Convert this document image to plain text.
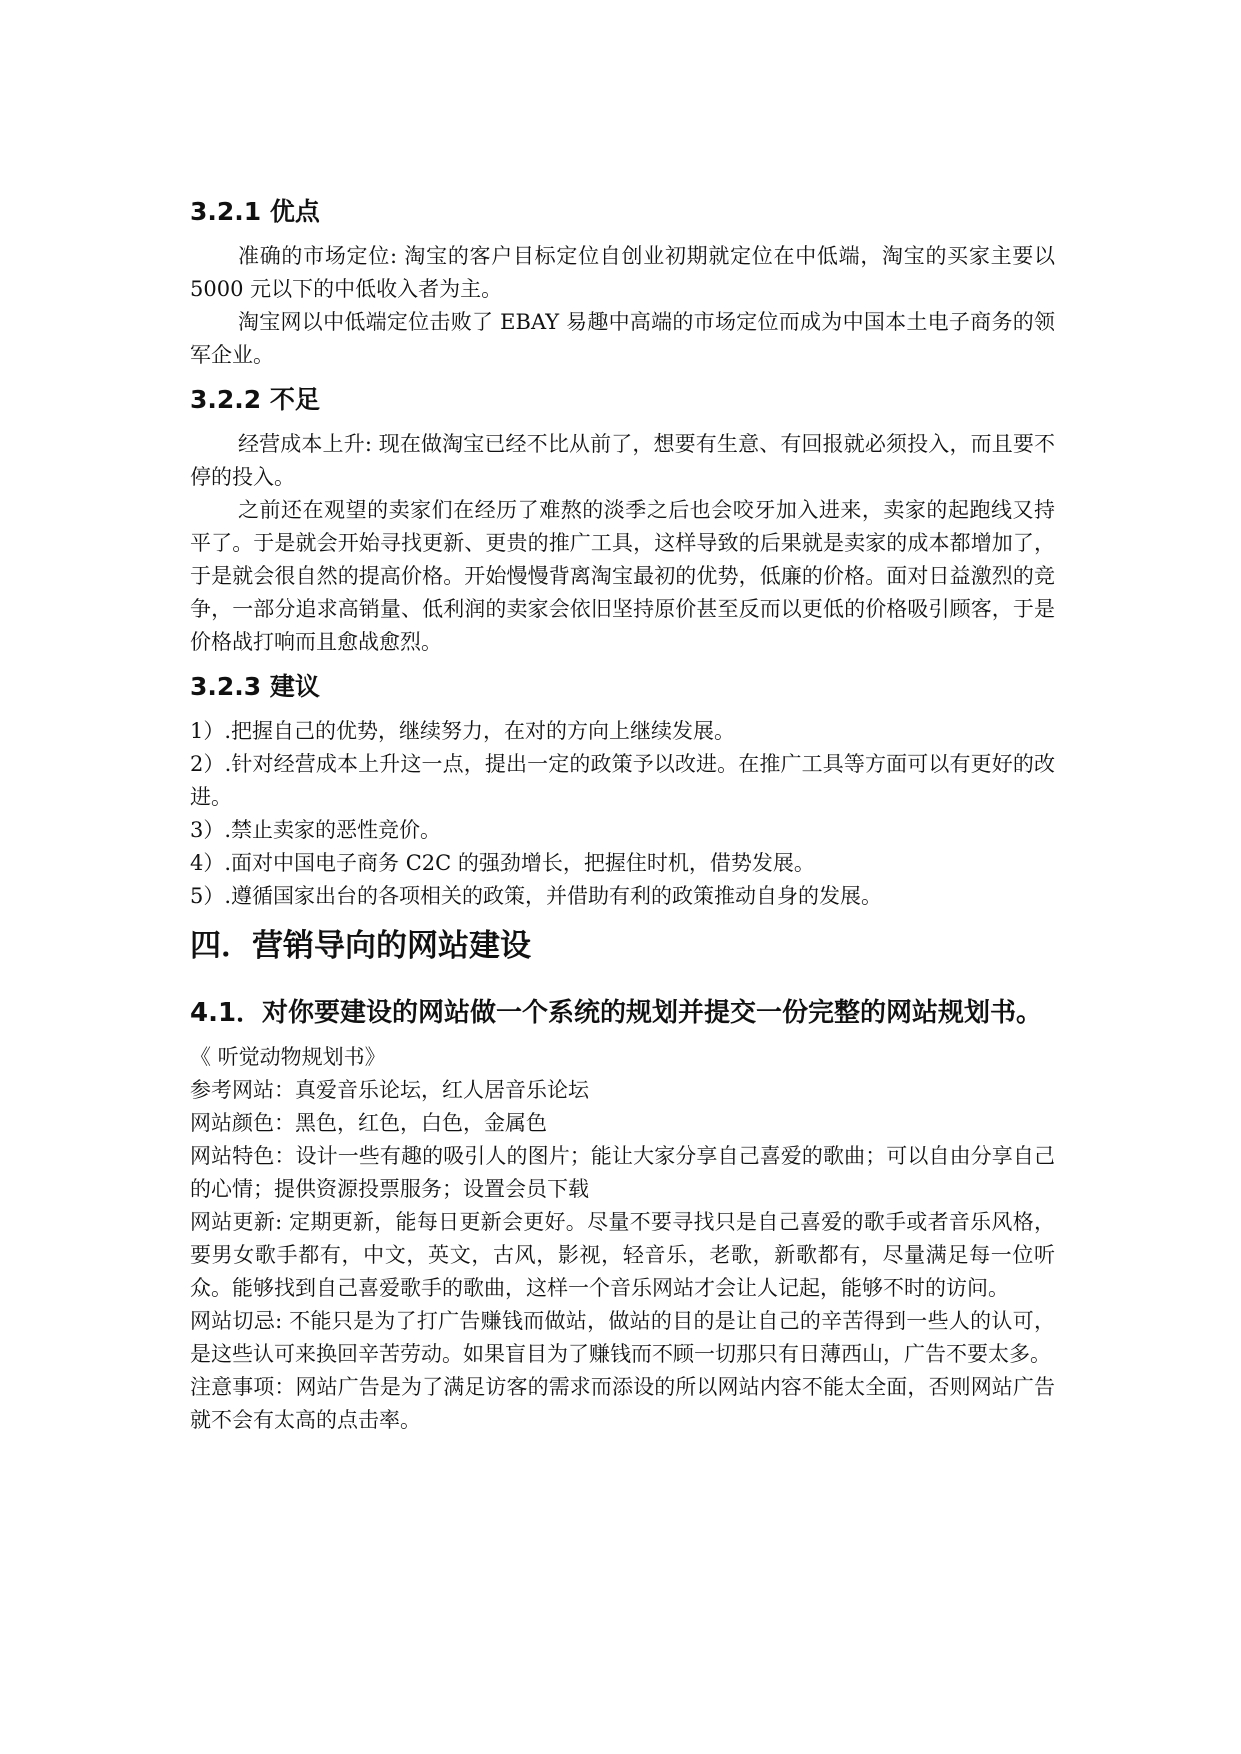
3.2.1 优点

准确的市场定位: 淘宝的客户目标定位自创业初期就定位在中低端，淘宝的买家主要以 5000 元以下的中低收入者为主。

淘宝网以中低端定位击败了 EBAY 易趣中高端的市场定位而成为中国本土电子商务的领军企业。

3.2.2 不足

经营成本上升: 现在做淘宝已经不比从前了，想要有生意、有回报就必须投入，而且要不停的投入。

之前还在观望的卖家们在经历了难熬的淡季之后也会咬牙加入进来，卖家的起跑线又持平了。于是就会开始寻找更新、更贵的推广工具，这样导致的后果就是卖家的成本都增加了，于是就会很自然的提高价格。开始慢慢背离淘宝最初的优势，低廉的价格。面对日益激烈的竞争，一部分追求高销量、低利润的卖家会依旧坚持原价甚至反而以更低的价格吸引顾客，于是价格战打响而且愈战愈烈。

3.2.3 建议

1）.把握自己的优势，继续努力，在对的方向上继续发展。

2）.针对经营成本上升这一点，提出一定的政策予以改进。在推广工具等方面可以有更好的改进。

3）.禁止卖家的恶性竞价。

4）.面对中国电子商务 C2C 的强劲增长，把握住时机，借势发展。

5）.遵循国家出台的各项相关的政策，并借助有利的政策推动自身的发展。

四．营销导向的网站建设
4.1．对你要建设的网站做一个系统的规划并提交一份完整的网站规划书。

《 听觉动物规划书》

参考网站：真爱音乐论坛，红人居音乐论坛

网站颜色：黑色，红色，白色，金属色

网站特色：设计一些有趣的吸引人的图片；能让大家分享自己喜爱的歌曲；可以自由分享自己的心情；提供资源投票服务；设置会员下载

网站更新: 定期更新，能每日更新会更好。尽量不要寻找只是自己喜爱的歌手或者音乐风格，要男女歌手都有，中文，英文，古风，影视，轻音乐，老歌，新歌都有，尽量满足每一位听众。能够找到自己喜爱歌手的歌曲，这样一个音乐网站才会让人记起，能够不时的访问。

网站切忌: 不能只是为了打广告赚钱而做站，做站的目的是让自己的辛苦得到一些人的认可，是这些认可来换回辛苦劳动。如果盲目为了赚钱而不顾一切那只有日薄西山，广告不要太多。

注意事项：网站广告是为了满足访客的需求而添设的所以网站内容不能太全面，否则网站广告就不会有太高的点击率。
